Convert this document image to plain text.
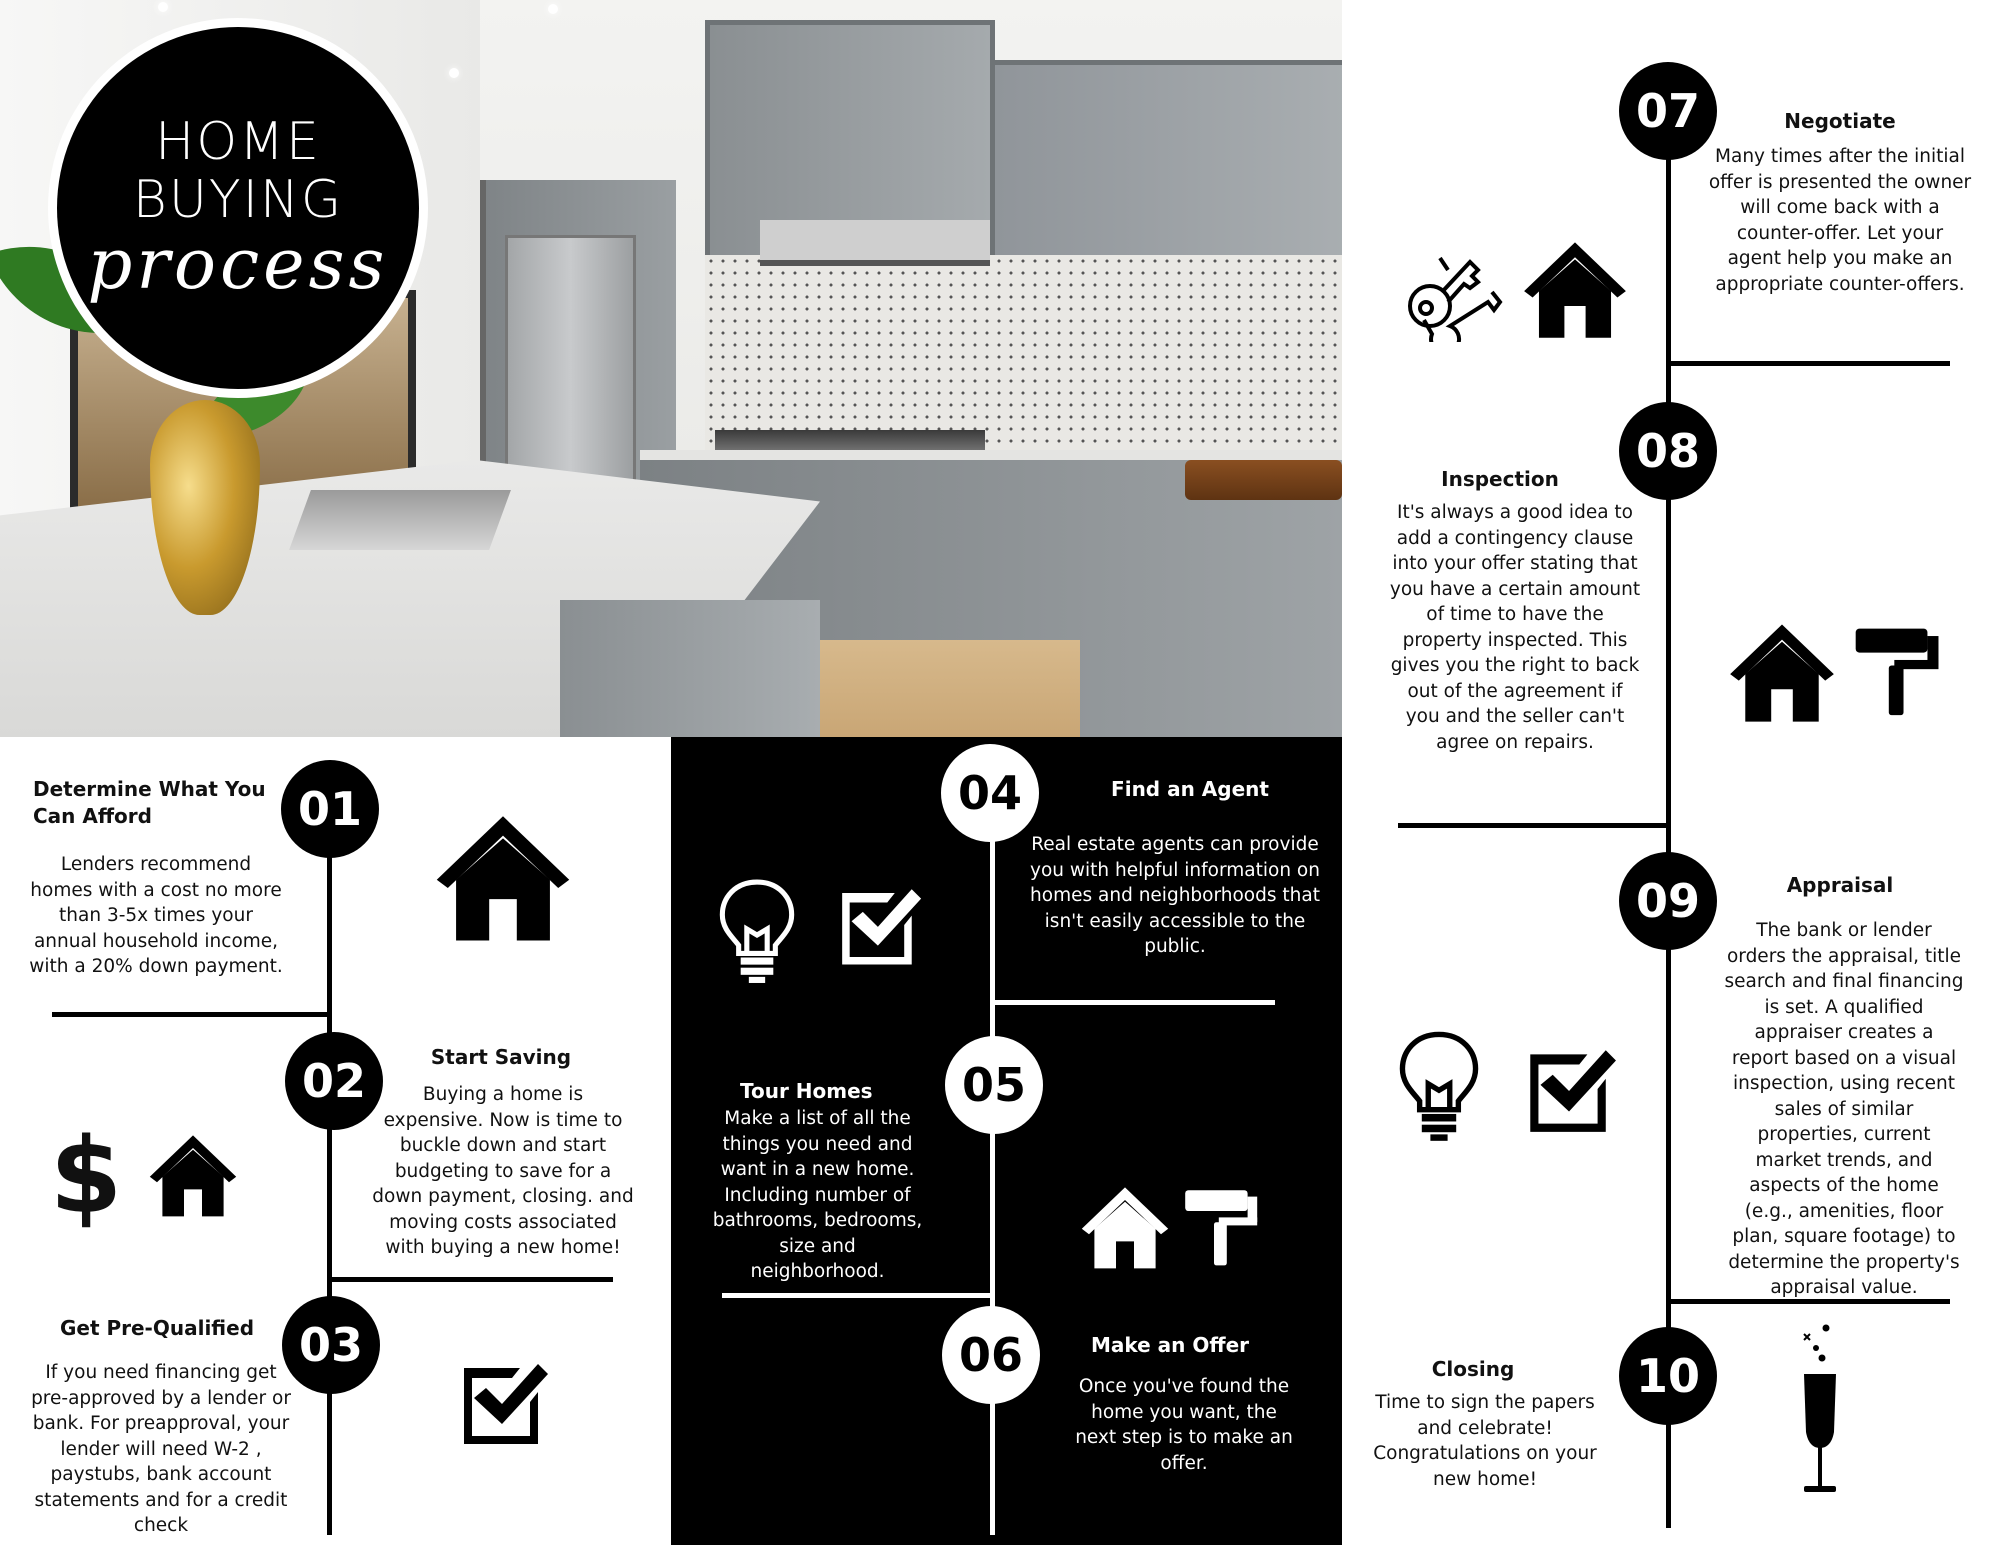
HOME
BUYING
process
01
Determine What You Can Afford
Lenders recommend homes with a cost no more than 3-5x times your annual household income, with a 20% down payment.
02	Start Saving
Buying a home is expensive. Now is time to buckle down and start budgeting to save for a down payment, closing. and moving costs associated with buying a new home!
$
03
Get Pre-Qualified
If you need financing get pre-approved by a lender or bank. For preapproval, your lender will need W-2 , paystubs, bank account statements and for a credit check
04	Find an Agent
Real estate agents can provide you with helpful information on homes and neighborhoods that isn't easily accessible to the public.
05
Tour Homes
Make a list of all the things you need and want in a new home. Including number of bathrooms, bedrooms, size and neighborhood.
06	Make an Offer
Once you've found the home you want, the next step is to make an offer.
07	Negotiate
Many times after the initial offer is presented the owner will come back with a counter-offer. Let your agent help you make an appropriate counter-offers.
08
Inspection
It's always a good idea to add a contingency clause into your offer stating that you have a certain amount of time to have the property inspected. This gives you the right to back out of the agreement if you and the seller can't agree on repairs.
09	Appraisal
The bank or lender orders the appraisal, title search and final financing is set. A qualified appraiser creates a report based on a visual inspection, using recent sales of similar properties, current market trends, and aspects of the home (e.g., amenities, floor plan, square footage) to determine the property's appraisal value.
10
Closing
Time to sign the papers and celebrate! Congratulations on your new home!
